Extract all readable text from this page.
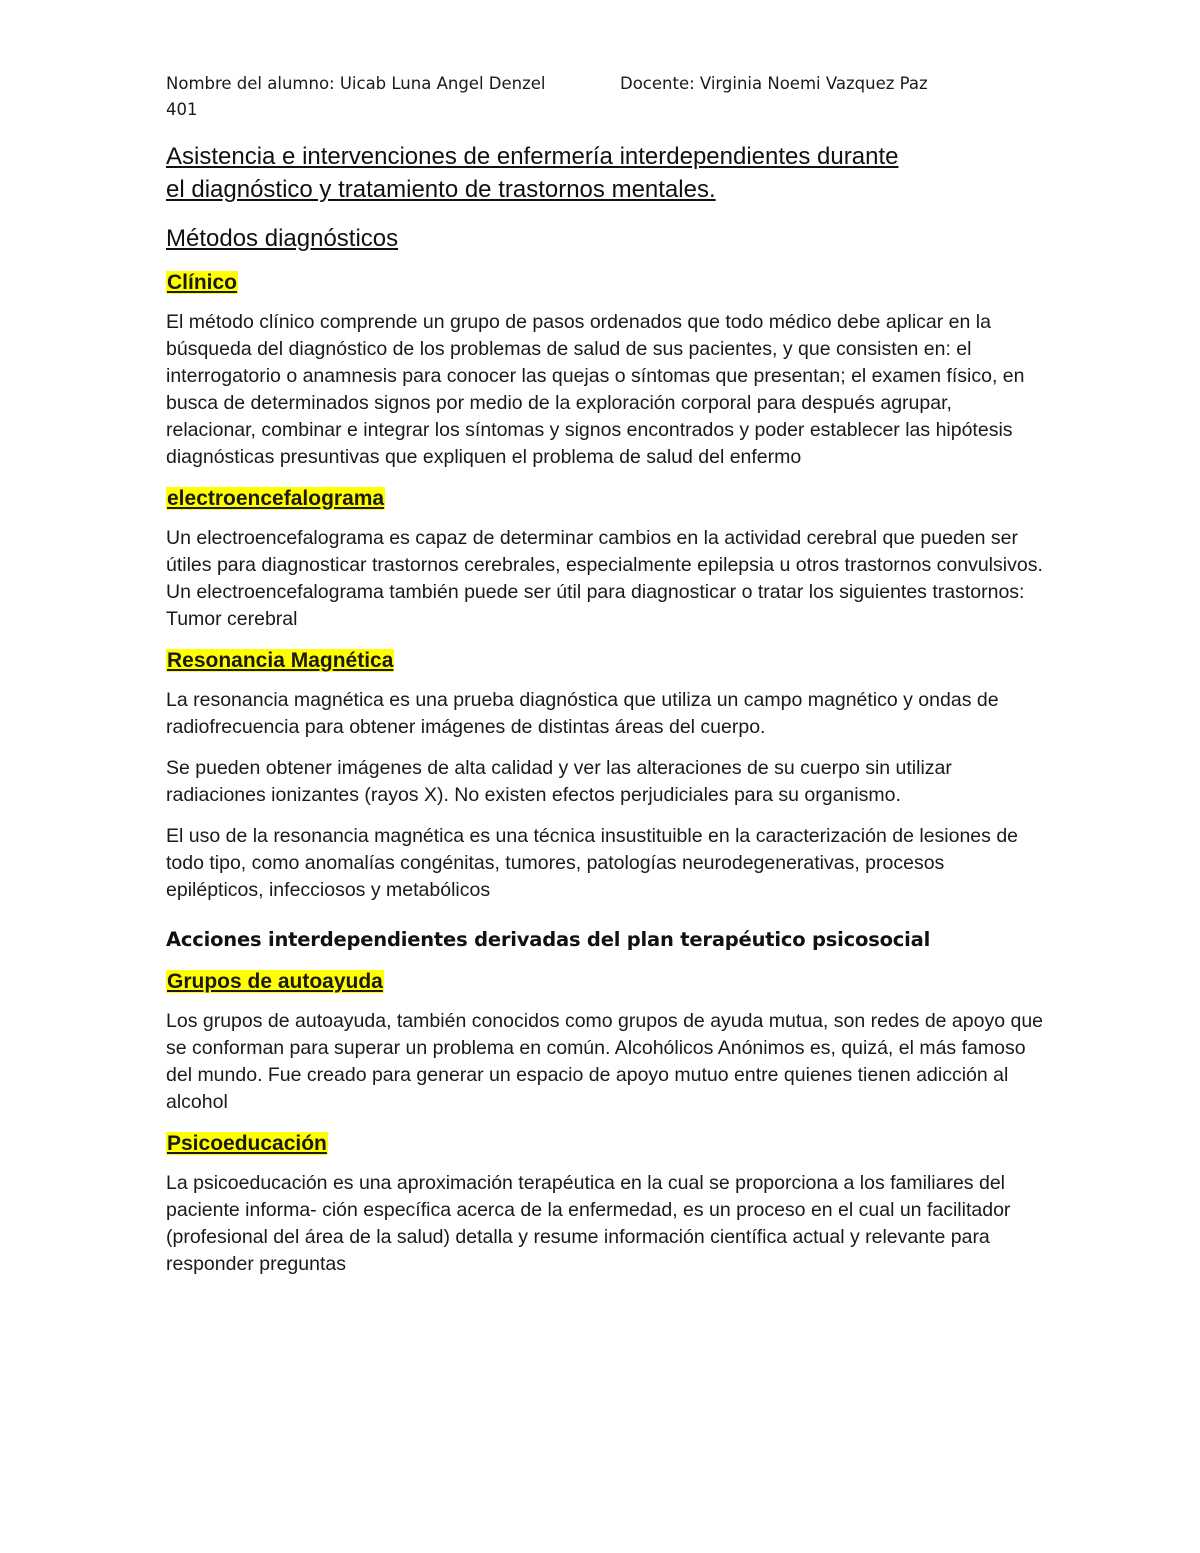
Nombre del alumno: Uicab Luna Angel Denzel	Docente: Virginia Noemi Vazquez Paz
401
Asistencia e intervenciones de enfermería interdependientes durante
el diagnóstico y tratamiento de trastornos mentales.
Métodos diagnósticos
Clínico
El método clínico comprende un grupo de pasos ordenados que todo médico debe aplicar en la búsqueda del diagnóstico de los problemas de salud de sus pacientes, y que consisten en: el interrogatorio o anamnesis para conocer las quejas o síntomas que presentan; el examen físico, en busca de determinados signos por medio de la exploración corporal para después agrupar, relacionar, combinar e integrar los síntomas y signos encontrados y poder establecer las hipótesis diagnósticas presuntivas que expliquen el problema de salud del enfermo
electroencefalograma
Un electroencefalograma es capaz de determinar cambios en la actividad cerebral que pueden ser útiles para diagnosticar trastornos cerebrales, especialmente epilepsia u otros trastornos convulsivos. Un electroencefalograma también puede ser útil para diagnosticar o tratar los siguientes trastornos: Tumor cerebral
Resonancia Magnética
La resonancia magnética es una prueba diagnóstica que utiliza un campo magnético y ondas de radiofrecuencia para obtener imágenes de distintas áreas del cuerpo.
Se pueden obtener imágenes de alta calidad y ver las alteraciones de su cuerpo sin utilizar radiaciones ionizantes (rayos X). No existen efectos perjudiciales para su organismo.
El uso de la resonancia magnética es una técnica insustituible en la caracterización de lesiones de todo tipo, como anomalías congénitas, tumores, patologías neurodegenerativas, procesos epilépticos, infecciosos y metabólicos
Acciones interdependientes derivadas del plan terapéutico psicosocial
Grupos de autoayuda
Los grupos de autoayuda, también conocidos como grupos de ayuda mutua, son redes de apoyo que se conforman para superar un problema en común. Alcohólicos Anónimos es, quizá, el más famoso del mundo. Fue creado para generar un espacio de apoyo mutuo entre quienes tienen adicción al alcohol
Psicoeducación
La psicoeducación es una aproximación terapéutica en la cual se proporciona a los familiares del paciente informa- ción específica acerca de la enfermedad, es un proceso en el cual un facilitador (profesional del área de la salud) detalla y resume información científica actual y relevante para responder preguntas
